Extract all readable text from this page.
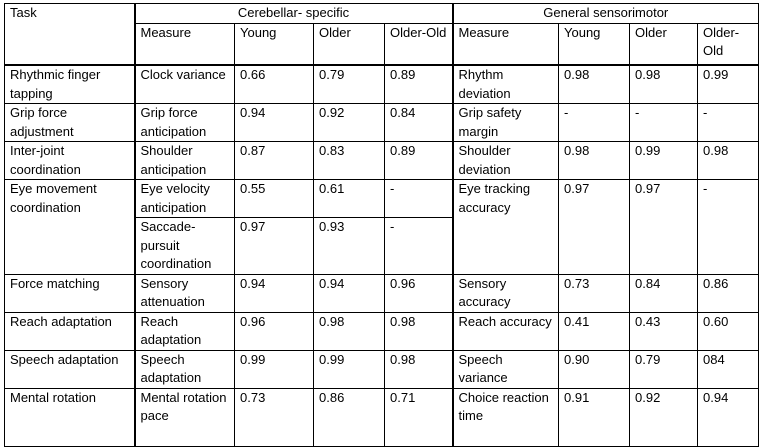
Task	Cerebellar- specific				General sensorimotor			
	Measure	Young	Older	Older-Old	Measure	Young	Older	Older-Old
Rhythmic finger tapping	Clock variance	0.66	0.79	0.89	Rhythm deviation	0.98	0.98	0.99
Grip force adjustment	Grip force anticipation	0.94	0.92	0.84	Grip safety margin	-	-	-
Inter-joint coordination	Shoulder anticipation	0.87	0.83	0.89	Shoulder deviation	0.98	0.99	0.98
Eye movement coordination	Eye velocity anticipation	0.55	0.61	-	Eye tracking accuracy	0.97	0.97	-
	Saccade-pursuit coordination	0.97	0.93	-				
Force matching	Sensory attenuation	0.94	0.94	0.96	Sensory accuracy	0.73	0.84	0.86
Reach adaptation	Reach adaptation	0.96	0.98	0.98	Reach accuracy	0.41	0.43	0.60
Speech adaptation	Speech adaptation	0.99	0.99	0.98	Speech variance	0.90	0.79	084
Mental rotation	Mental rotation pace	0.73	0.86	0.71	Choice reaction time	0.91	0.92	0.94
